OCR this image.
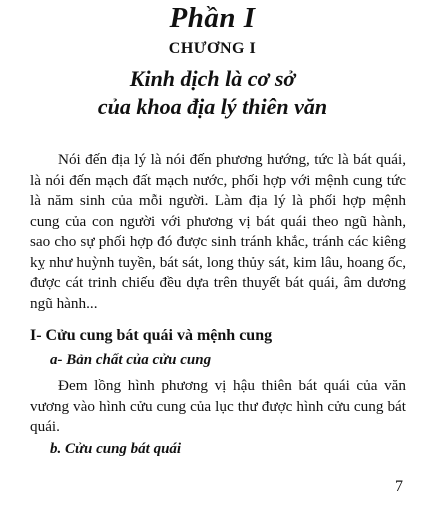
Phần I
CHƯƠNG I
Kinh dịch là cơ sở
của khoa địa lý thiên văn

Nói đến địa lý là nói đến phương hướng, tức là bát quái, là nói đến mạch đất mạch nước, phối hợp với mệnh cung tức là năm sinh của mỗi người. Làm địa lý là phối hợp mệnh cung của con người với phương vị bát quái theo ngũ hành, sao cho sự phối hợp đó được sinh tránh khắc, tránh các kiêng kỵ như huỳnh tuyền, bát sát, long thủy sát, kim lâu, hoang ốc, được cát trinh chiếu đều dựa trên thuyết bát quái, âm dương ngũ hành...

I- Cửu cung bát quái và mệnh cung
a- Bản chất của cửu cung

Đem lồng hình phương vị hậu thiên bát quái của văn vương vào hình cửu cung của lục thư được hình cửu cung bát quái.

b. Cửu cung bát quái
7
